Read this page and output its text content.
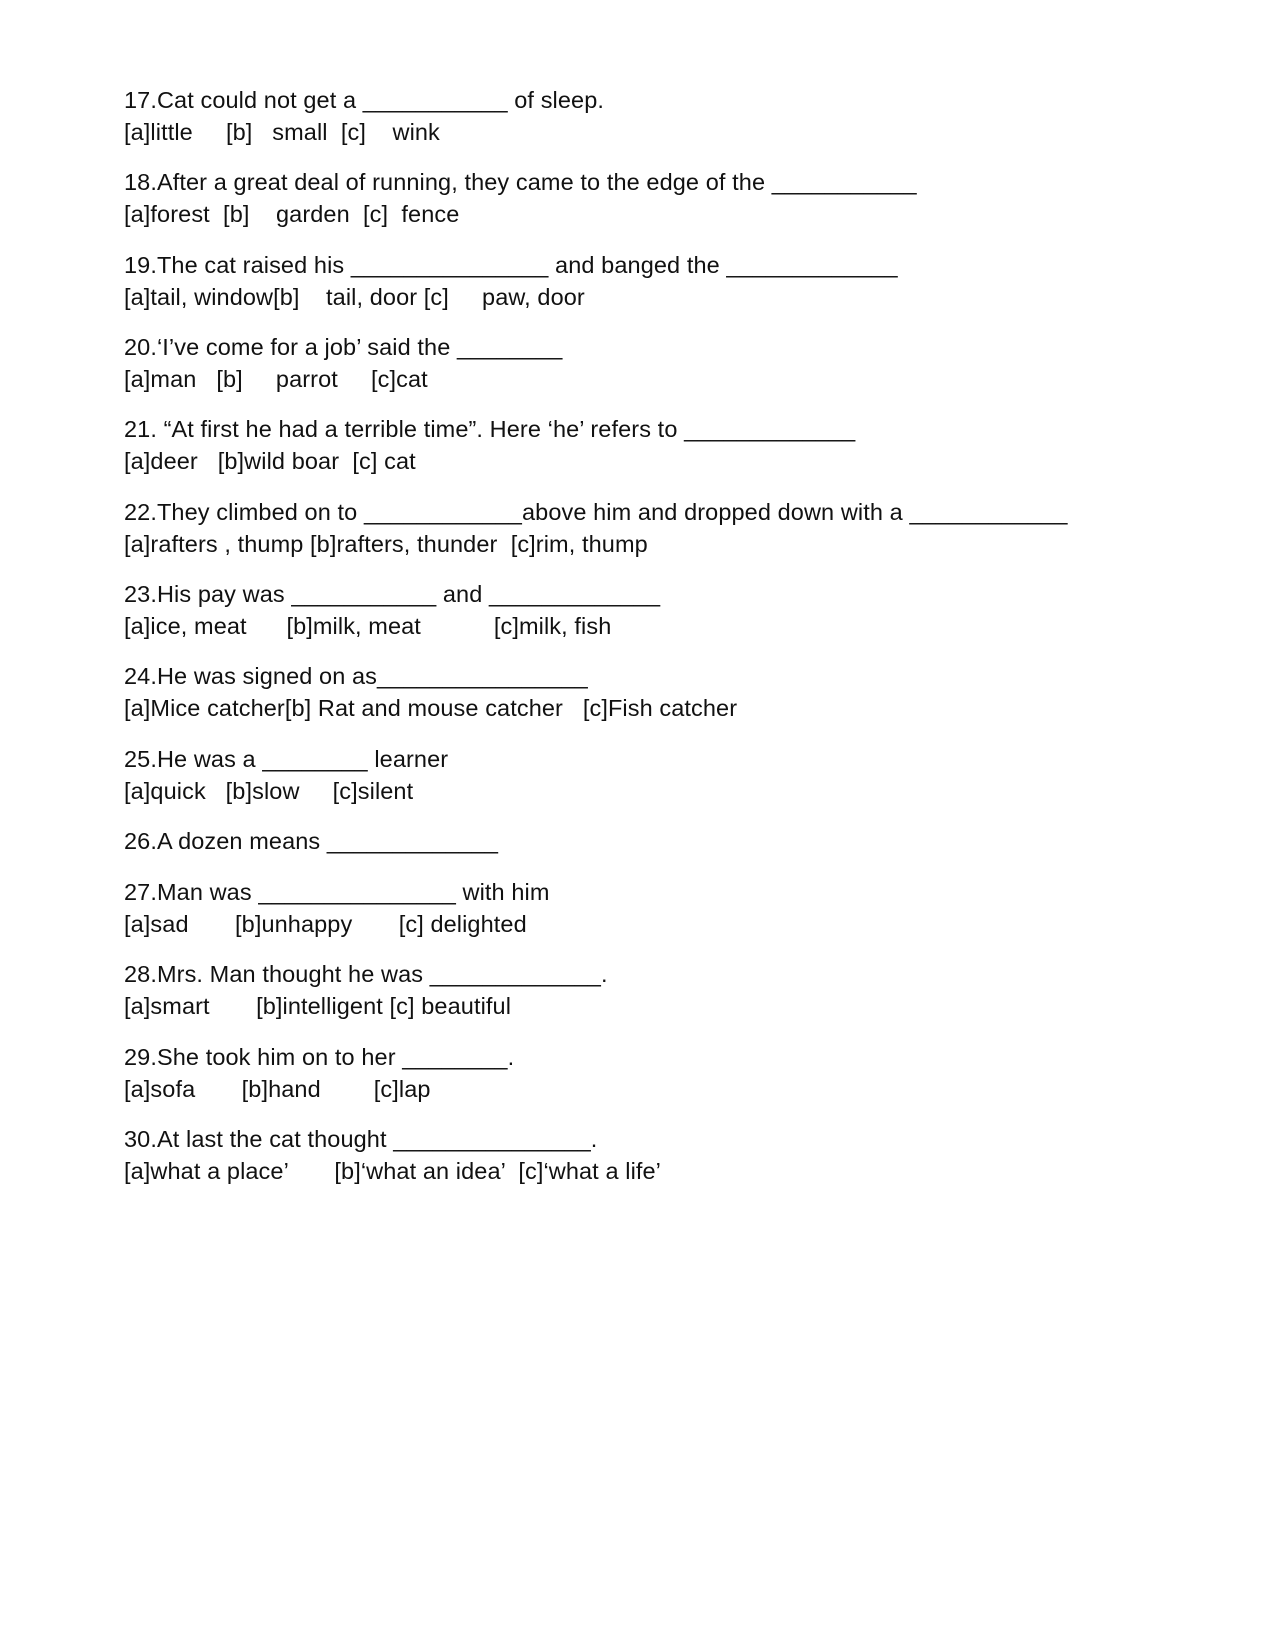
17.Cat could not get a ___________ of sleep.
[a]little     [b]   small  [c]    wink
18.After a great deal of running, they came to the edge of the ___________
[a]forest  [b]    garden  [c]  fence
19.The cat raised his _______________ and banged the _____________
[a]tail, window[b]    tail, door [c]     paw, door
20.‘I’ve come for a job’ said the ________
[a]man   [b]     parrot     [c]cat
21. “At first he had a terrible time”. Here ‘he’ refers to _____________
[a]deer   [b]wild boar  [c] cat
22.They climbed on to ____________above him and dropped down with a ____________
[a]rafters , thump [b]rafters, thunder  [c]rim, thump
23.His pay was ___________ and _____________
[a]ice, meat      [b]milk, meat           [c]milk, fish
24.He was signed on as________________
[a]Mice catcher[b] Rat and mouse catcher   [c]Fish catcher
25.He was a ________ learner
[a]quick   [b]slow     [c]silent
26.A dozen means _____________
27.Man was _______________ with him
[a]sad       [b]unhappy       [c] delighted
28.Mrs. Man thought he was _____________.
[a]smart       [b]intelligent [c] beautiful
29.She took him on to her ________.
[a]sofa       [b]hand        [c]lap
30.At last the cat thought _______________.
[a]what a place’       [b]‘what an idea’  [c]‘what a life’
